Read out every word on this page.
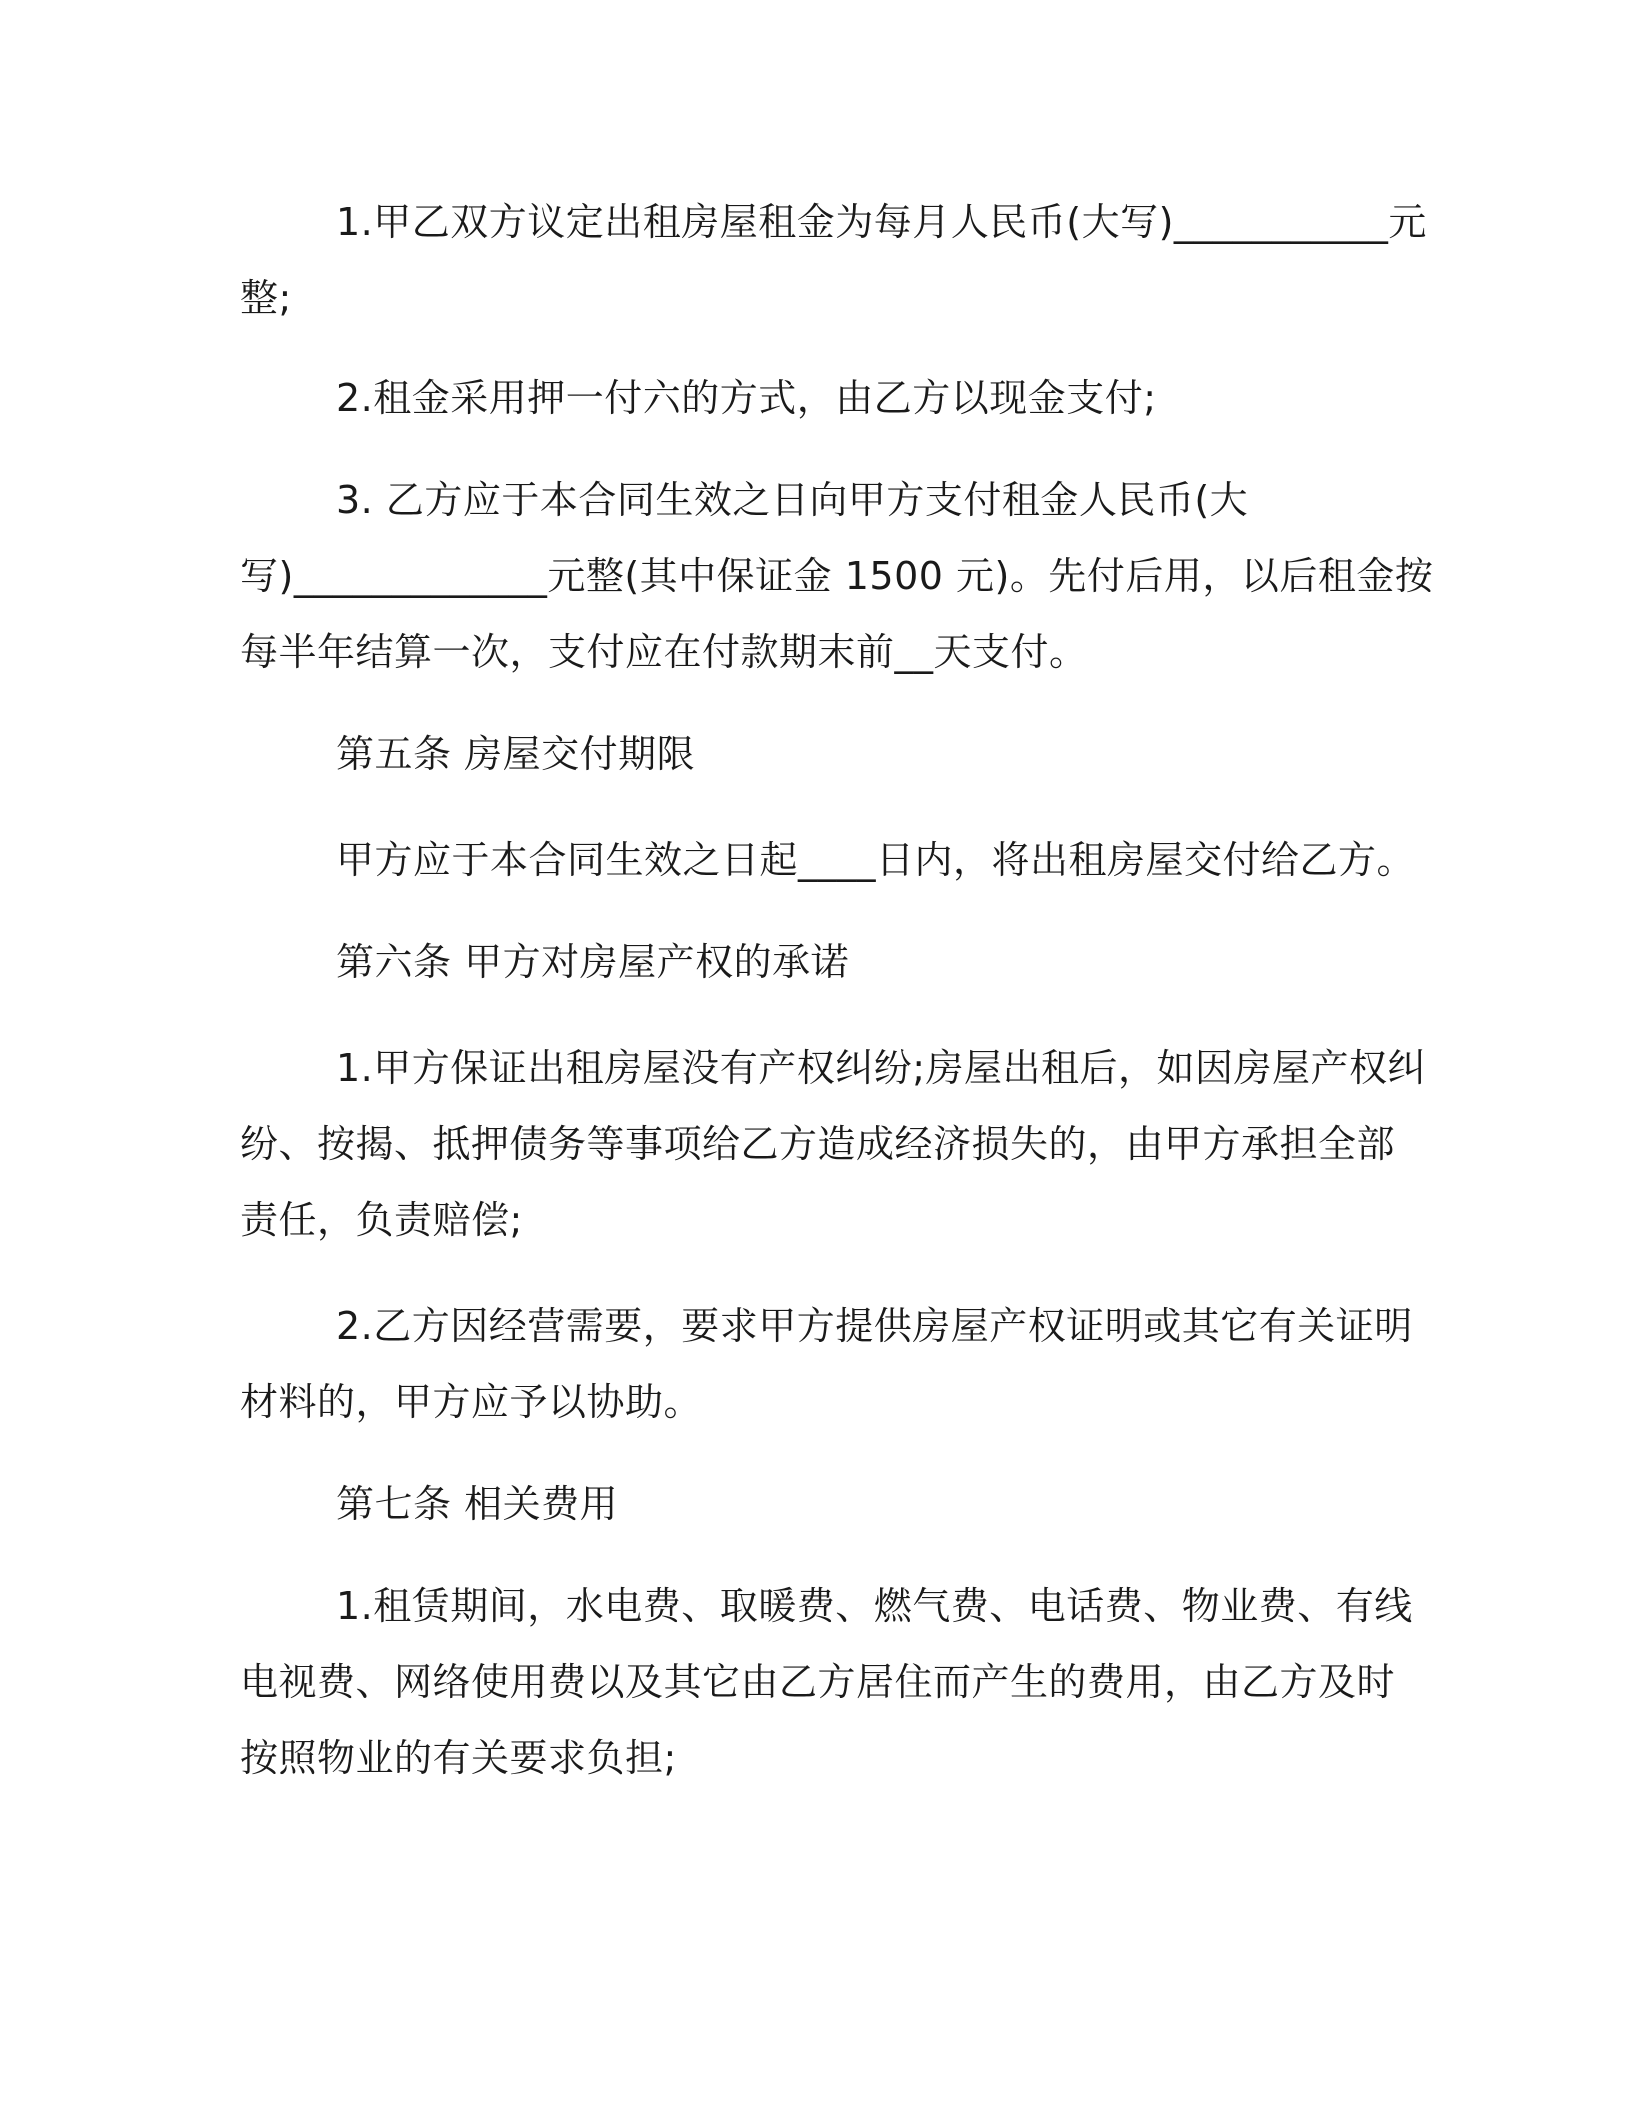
1.甲乙双方议定出租房屋租金为每月人民币(大写)___________元
整;

2.租金采用押一付六的方式，由乙方以现金支付;

3. 乙方应于本合同生效之日向甲方支付租金人民币(大
写)_____________元整(其中保证金 1500 元)。先付后用，以后租金按
每半年结算一次，支付应在付款期末前__天支付。

第五条 房屋交付期限

甲方应于本合同生效之日起____日内，将出租房屋交付给乙方。

第六条 甲方对房屋产权的承诺

1.甲方保证出租房屋没有产权纠纷;房屋出租后，如因房屋产权纠
纷、按揭、抵押债务等事项给乙方造成经济损失的，由甲方承担全部
责任，负责赔偿;

2.乙方因经营需要，要求甲方提供房屋产权证明或其它有关证明
材料的，甲方应予以协助。

第七条 相关费用

1.租赁期间，水电费、取暖费、燃气费、电话费、物业费、有线
电视费、网络使用费以及其它由乙方居住而产生的费用，由乙方及时
按照物业的有关要求负担;
